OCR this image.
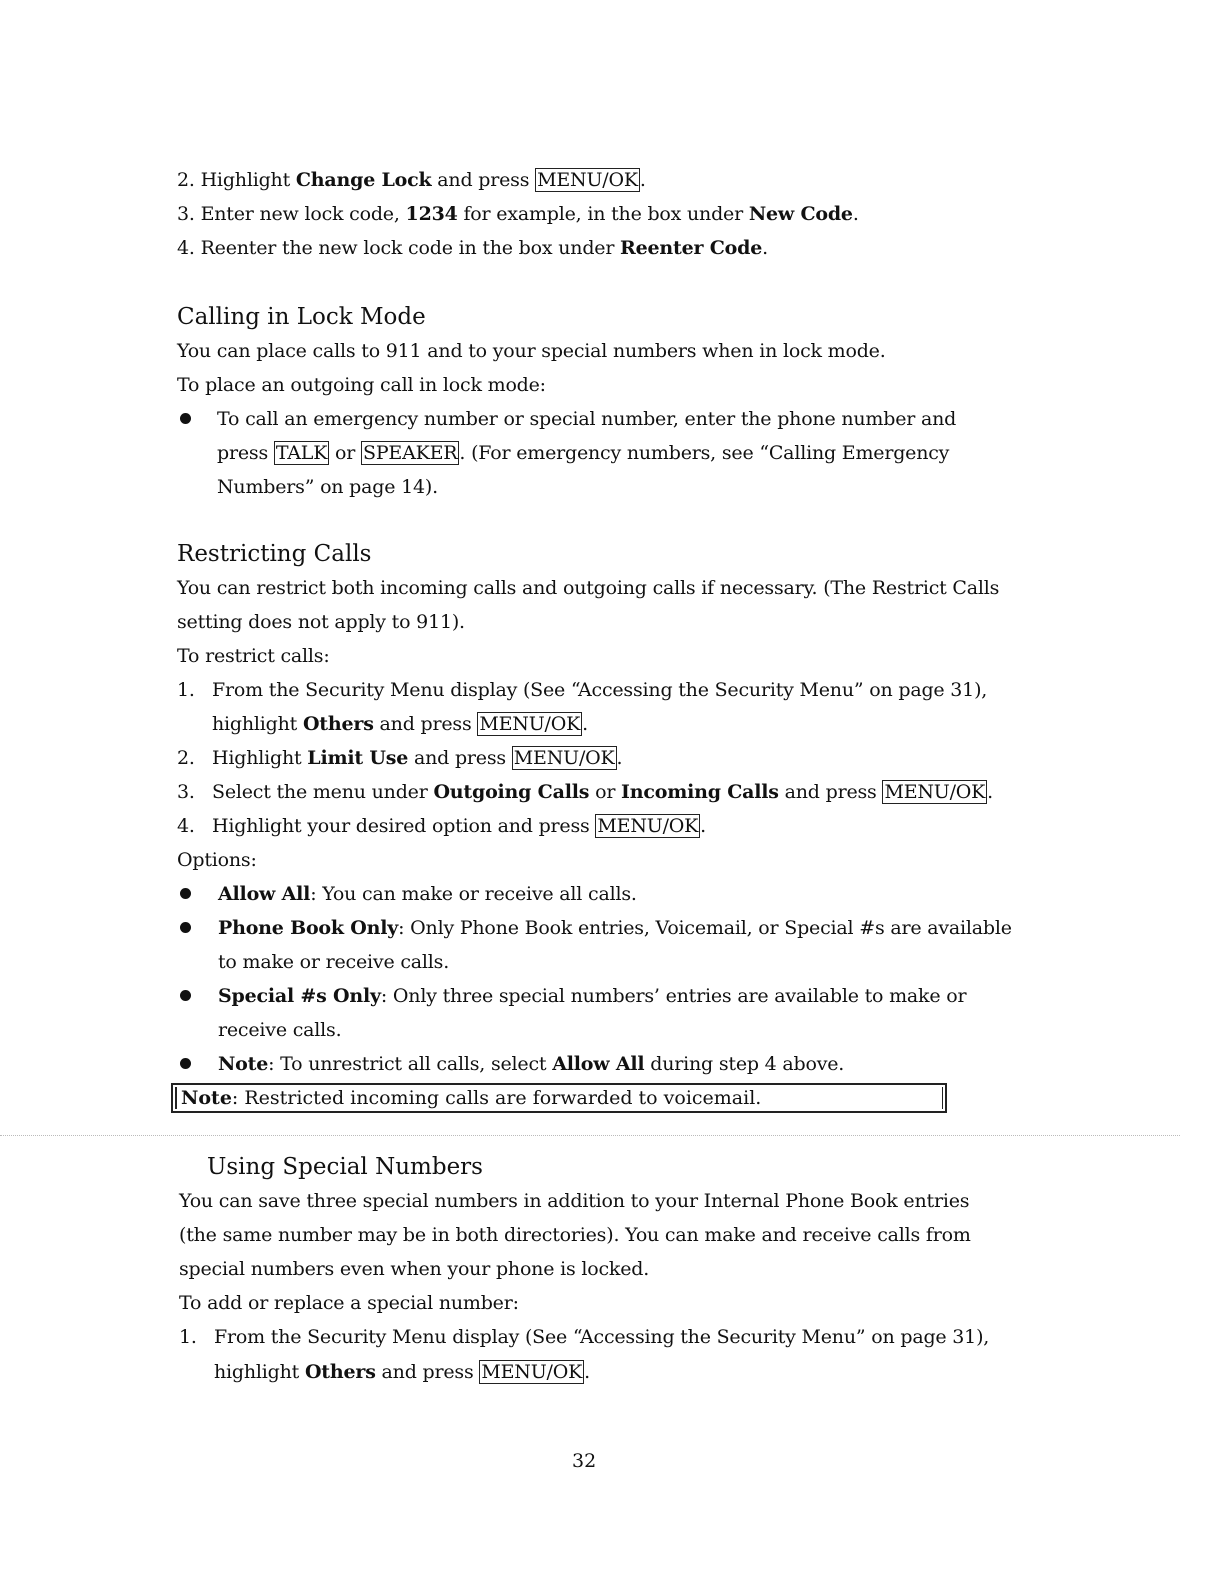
2. Highlight Change Lock and press MENU/OK .
3. Enter new lock code, 1234 for example, in the box under New Code.
4. Reenter the new lock code in the box under Reenter Code.
Calling in Lock Mode
You can place calls to 911 and to your special numbers when in lock mode.
To place an outgoing call in lock mode:
To call an emergency number or special number, enter the phone number and
press TALK or SPEAKER . (For emergency numbers, see “Calling Emergency
Numbers” on page 14).
Restricting Calls
You can restrict both incoming calls and outgoing calls if necessary. (The Restrict Calls
setting does not apply to 911).
To restrict calls:
1. From the Security Menu display (See “Accessing the Security Menu” on page 31),
highlight Others and press MENU/OK .
2. Highlight Limit Use and press MENU/OK .
3. Select the menu under Outgoing Calls or Incoming Calls and press MENU/OK .
4. Highlight your desired option and press MENU/OK .
Options:
Allow All: You can make or receive all calls.
Phone Book Only: Only Phone Book entries, Voicemail, or Special #s are available
to make or receive calls.
Special #s Only: Only three special numbers’ entries are available to make or
receive calls.
Note: To unrestrict all calls, select Allow All during step 4 above.
Note: Restricted incoming calls are forwarded to voicemail.
Using Special Numbers
You can save three special numbers in addition to your Internal Phone Book entries
(the same number may be in both directories). You can make and receive calls from
special numbers even when your phone is locked.
To add or replace a special number:
1. From the Security Menu display (See “Accessing the Security Menu” on page 31),
highlight Others and press MENU/OK .
32
